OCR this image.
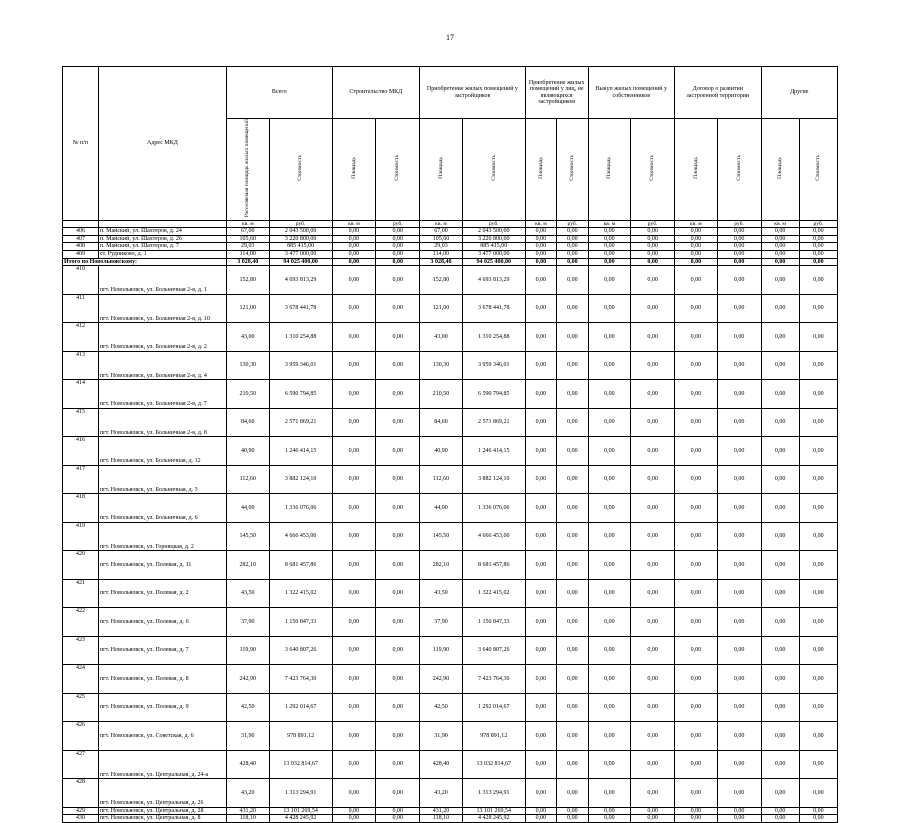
17
№ п/п	Адрес МКД	Всего		Строительство МКД		Приобретение жилых помещений у застройщиков		Приобретение жилых помещений у лиц, не являющихся застройщиком		Выкуп жилых помещений у собственников		Договор о развитии застроенной территории		Другие	
		Расселяемая площадь жилых помещений	Стоимость	Площадь	Стоимость	Площадь	Стоимость	Площадь	Стоимость	Площадь	Стоимость	Площадь	Стоимость	Площадь	Стоимость
		кв. м	руб.	кв. м	руб.	кв. м	руб.	кв. м	руб.	кв. м	руб.	кв. м	руб.	кв. м	руб.
406	п. Майский, ул. Шахтеров, д. 24	67,00	2 043 500,00	0,00	0,00	67,00	2 043 500,00	0,00	0,00	0,00	0,00	0,00	0,00	0,00	0,00
407	п. Майский, ул. Шахтеров, д. 26	105,60	3 220 800,00	0,00	0,00	105,60	3 220 800,00	0,00	0,00	0,00	0,00	0,00	0,00	0,00	0,00
408	п. Майский, ул. Шахтеров, д. 7	29,03	885 415,00	0,00	0,00	29,03	885 415,00	0,00	0,00	0,00	0,00	0,00	0,00	0,00	0,00
409	ст. Рудниково, д. 1	114,00	3 477 000,00	0,00	0,00	114,00	3 477 000,00	0,00	0,00	0,00	0,00	0,00	0,00	0,00	0,00
Итого по Новольвовскому:		3 028,40	94 025 400,00	0,00	0,00	3 028,40	94 025 400,00	0,00	0,00	0,00	0,00	0,00	0,00	0,00	0,00
410	пгт. Новольвовск, ул. Больничная 2-я, д. 1	152,80	4 693 813,29	0,00	0,00	152,80	4 693 813,29	0,00	0,00	0,00	0,00	0,00	0,00	0,00	0,00
411	пгт. Новольвовск, ул. Больничная 2-я, д. 10	121,00	3 678 441,78	0,00	0,00	121,00	3 678 441,78	0,00	0,00	0,00	0,00	0,00	0,00	0,00	0,00
412	пгт. Новольвовск, ул. Больничная 2-я, д. 2	43,00	1 310 254,88	0,00	0,00	43,00	1 310 254,88	0,00	0,00	0,00	0,00	0,00	0,00	0,00	0,00
413	пгт. Новольвовск, ул. Больничная 2-я, д. 4	130,30	3 959 346,01	0,00	0,00	130,30	3 959 346,01	0,00	0,00	0,00	0,00	0,00	0,00	0,00	0,00
414	пгт. Новольвовск, ул. Больничная 2-я, д. 7	210,50	6 590 794,85	0,00	0,00	210,50	6 590 794,85	0,00	0,00	0,00	0,00	0,00	0,00	0,00	0,00
415	пгт. Новольвовск, ул. Больничная 2-я, д. 8	84,60	2 571 869,21	0,00	0,00	84,60	2 571 869,21	0,00	0,00	0,00	0,00	0,00	0,00	0,00	0,00
416	пгт. Новольвовск, ул. Больничная, д. 12	40,90	1 246 414,15	0,00	0,00	40,90	1 246 414,15	0,00	0,00	0,00	0,00	0,00	0,00	0,00	0,00
417	пгт. Новольвовск, ул. Больничная, д. 3	112,60	3 882 124,10	0,00	0,00	112,60	3 882 124,10	0,00	0,00	0,00	0,00	0,00	0,00	0,00	0,00
418	пгт. Новольвовск, ул. Больничная, д. 6	44,00	1 336 076,06	0,00	0,00	44,00	1 336 076,06	0,00	0,00	0,00	0,00	0,00	0,00	0,00	0,00
419	пгт. Новольвовск, ул. Горняцкая, д. 2	145,50	4 666 453,00	0,00	0,00	145,50	4 666 453,00	0,00	0,00	0,00	0,00	0,00	0,00	0,00	0,00
420	пгт. Новольвовск, ул. Полевая, д. 11	282,10	8 681 457,86	0,00	0,00	282,10	8 681 457,86	0,00	0,00	0,00	0,00	0,00	0,00	0,00	0,00
421	пгт. Новольвовск, ул. Полевая, д. 2	43,50	1 322 415,02	0,00	0,00	43,50	1 322 415,02	0,00	0,00	0,00	0,00	0,00	0,00	0,00	0,00
422	пгт. Новольвовск, ул. Полевая, д. 6	37,90	1 150 847,33	0,00	0,00	37,90	1 150 847,33	0,00	0,00	0,00	0,00	0,00	0,00	0,00	0,00
423	пгт. Новольвовск, ул. Полевая, д. 7	119,90	3 640 807,26	0,00	0,00	119,90	3 640 807,26	0,00	0,00	0,00	0,00	0,00	0,00	0,00	0,00
424	пгт. Новольвовск, ул. Полевая, д. 8	242,90	7 423 764,30	0,00	0,00	242,90	7 423 764,30	0,00	0,00	0,00	0,00	0,00	0,00	0,00	0,00
425	пгт. Новольвовск, ул. Полевая, д. 9	42,50	1 292 014,67	0,00	0,00	42,50	1 292 014,67	0,00	0,00	0,00	0,00	0,00	0,00	0,00	0,00
426	пгт. Новольвовск, ул. Советская, д. 6	31,90	978 891,12	0,00	0,00	31,90	978 891,12	0,00	0,00	0,00	0,00	0,00	0,00	0,00	0,00
427	пгт. Новольвовск, ул. Центральная, д. 24-а	428,40	13 032 814,67	0,00	0,00	428,40	13 032 814,67	0,00	0,00	0,00	0,00	0,00	0,00	0,00	0,00
428	пгт. Новольвовск, ул. Центральная, д. 26	43,20	1 313 294,91	0,00	0,00	43,20	1 313 294,91	0,00	0,00	0,00	0,00	0,00	0,00	0,00	0,00
429	пгт. Новольвовск, ул. Центральная, д. 28	431,20	13 101 269,54	0,00	0,00	431,20	13 101 269,54	0,00	0,00	0,00	0,00	0,00	0,00	0,00	0,00
430	пгт. Новольвовск, ул. Центральная, д. 8	118,10	4 428 245,92	0,00	0,00	118,10	4 428 245,92	0,00	0,00	0,00	0,00	0,00	0,00	0,00	0,00
